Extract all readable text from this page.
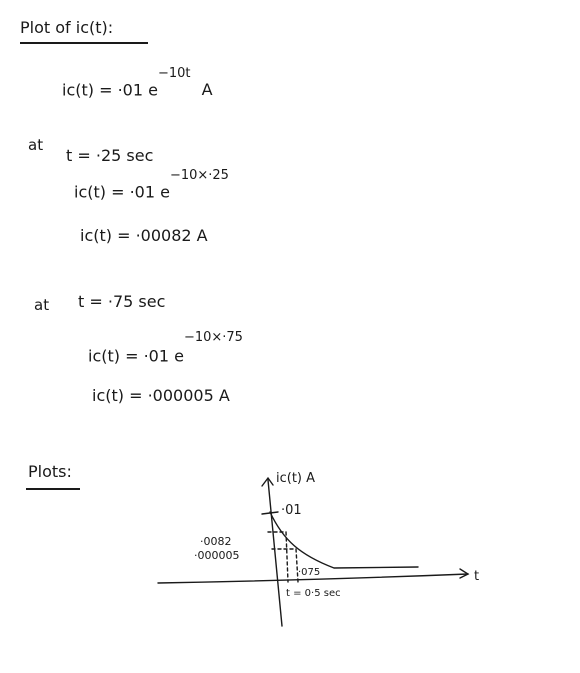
Plot of ic(t):
ic(t) = ·01 $e^{-10t}$ A
at
t = ·25 sec
ic(t) = ·01 $e^{-10\times\cdot 25}$
ic(t) = ·00082 A
at t = ·75 sec
ic(t) = ·01 $e^{-10\times\cdot 75}$
ic(t) = ·000005 A
Plots:	ic(t) A
·01
·0082
·000005
·075	t
t = 0·5 sec
